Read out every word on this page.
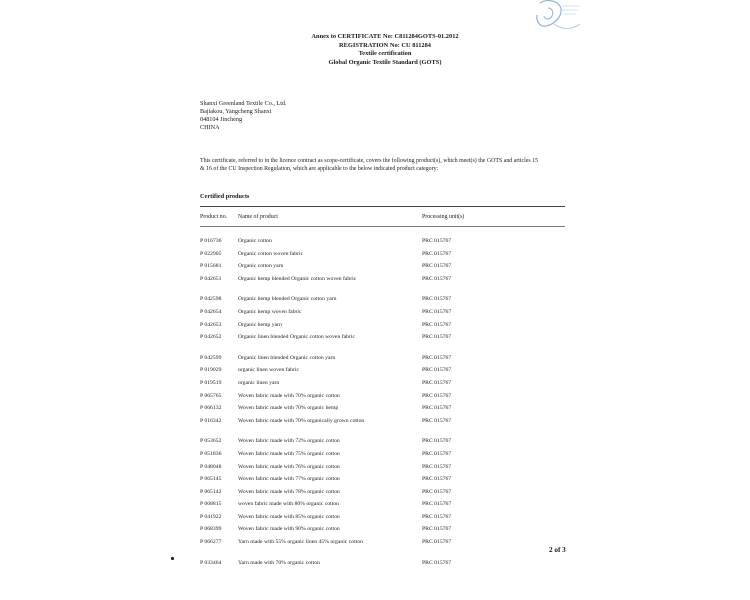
Annex to CERTIFICATE No: C811284GOTS-01.2012
REGISTRATION No: CU 811284
Textile certification
Global Organic Textile Standard (GOTS)
Shanxi Greenland Textile Co., Ltd.
Bajiakou, Yangcheng Shanxi
048104 Jincheng
CHINA
This certificate, referred to in the licence contract as scope-certificate, covers the following product(s), which meet(s) the GOTS and articles 15 & 16 of the CU Inspection Regulation, which are applicable to the below indicated product category:
Certified products
Product no. Name of product	Processing unit(s)
P 016736	Organic cotton	PRC 015767
P 022905	Organic cotton woven fabric	PRC 015767
P 015681	Organic cotton yarn	PRC 015767
P 042651	Organic hemp blended Organic cotton woven fabric	PRC 015767
P 042598	Organic hemp blended Organic cotton yarn	PRC 015767
P 042654	Organic hemp woven fabric	PRC 015767
P 042653	Organic hemp yarn	PRC 015767
P 042652	Organic linen blended Organic cotton woven fabric	PRC 015767
P 042599	Organic linen blended Organic cotton yarn	PRC 015767
P 019029	organic linen woven fabric	PRC 015767
P 019519	organic linen yarn	PRC 015767
P 065765	Woven fabric made with 70% organic cotton	PRC 015767
P 066132	Woven fabric made with 70% organic hemp	PRC 015767
P 016342	Woven fabric made with 70% organically grown cotton	PRC 015767
P 053652	Woven fabric made with 72% organic cotton	PRC 015767
P 051836	Woven fabric made with 75% organic cotton	PRC 015767
P 048048	Woven fabric made with 76% organic cotton	PRC 015767
P 065145	Woven fabric made with 77% organic cotton	PRC 015767
P 065142	Woven fabric made with 78% organic cotton	PRC 015767
P 068815	woven fabric made with 80% organic cotton	PRC 015767
P 041922	Woven fabric made with 85% organic cotton	PRC 015767
P 068399	Woven fabric made with 90% organic cotton	PRC 015767
P 066277	Yarn made with 55% organic linen 45% organic cotton	PRC 015767
P 033464	Yarn made with 70% organic cotton	PRC 015767
2 of 3
